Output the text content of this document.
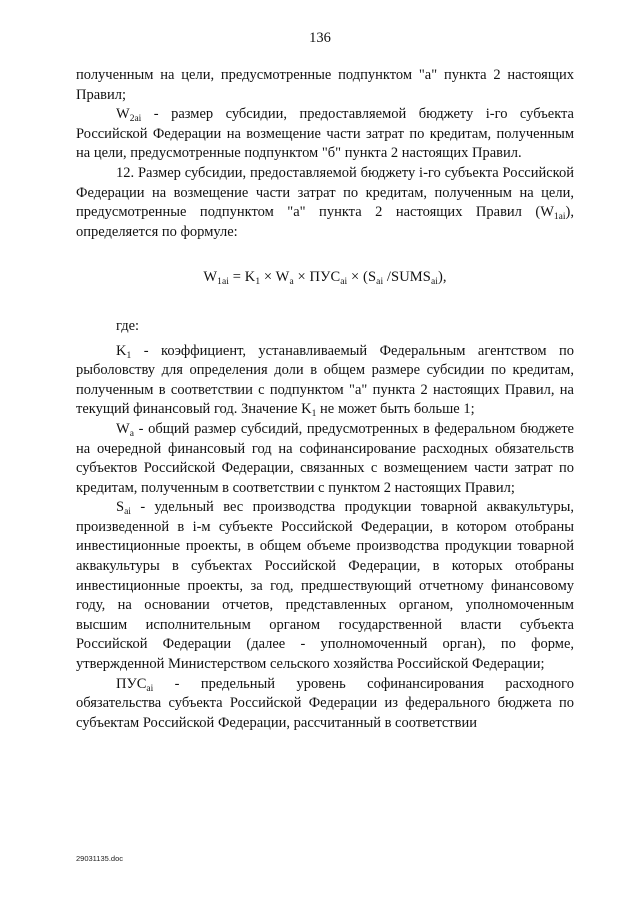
136

полученным на цели, предусмотренные подпунктом "а" пункта 2 настоящих Правил;

$W_{2ai}$ - размер субсидии, предоставляемой бюджету i-го субъекта Российской Федерации на возмещение части затрат по кредитам, полученным на цели, предусмотренные подпунктом "б" пункта 2 настоящих Правил.

12. Размер субсидии, предоставляемой бюджету i-го субъекта Российской Федерации на возмещение части затрат по кредитам, полученным на цели, предусмотренные подпунктом "а" пункта 2 настоящих Правил $(W_{1ai})$, определяется по формуле:

$W_{1ai} = K_1 \times W_a \times ПУС_{ai} \times (S_{ai}$ $/SUMS_{ai}$),

где:

$K_1$ - коэффициент, устанавливаемый Федеральным агентством по рыболовству для определения доли в общем размере субсидии по кредитам, полученным в соответствии с подпунктом "а" пункта 2 настоящих Правил, на текущий финансовый год. Значение $K_1$ не может быть больше 1;

$W_a$ - общий размер субсидий, предусмотренных в федеральном бюджете на очередной финансовый год на софинансирование расходных обязательств субъектов Российской Федерации, связанных с возмещением части затрат по кредитам, полученным в соответствии с пунктом 2 настоящих Правил;

$S_{ai}$ - удельный вес производства продукции товарной аквакультуры, произведенной в i-м субъекте Российской Федерации, в котором отобраны инвестиционные проекты, в общем объеме производства продукции товарной аквакультуры в субъектах Российской Федерации, в которых отобраны инвестиционные проекты, за год, предшествующий отчетному финансовому году, на основании отчетов, представленных органом, уполномоченным высшим исполнительным органом государственной власти субъекта Российской Федерации (далее - уполномоченный орган), по форме, утвержденной Министерством сельского хозяйства Российской Федерации;

$ПУС_{ai}$ - предельный уровень софинансирования расходного обязательства субъекта Российской Федерации из федерального бюджета по субъектам Российской Федерации, рассчитанный в соответствии

29031135.doc
